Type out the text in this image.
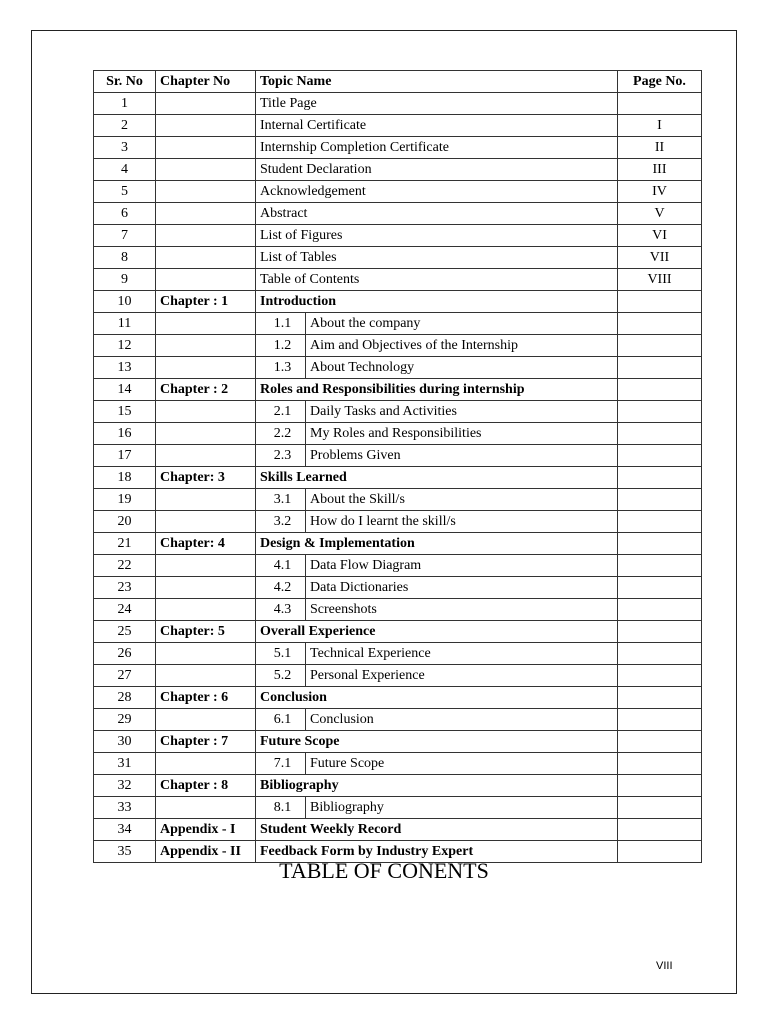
Sr. No	Chapter No	Topic Name	Page No.
1		Title Page	
2		Internal Certificate	I
3		Internship Completion Certificate	II
4		Student Declaration	III
5		Acknowledgement	IV
6		Abstract	V
7		List of Figures	VI
8		List of Tables	VII
9		Table of Contents	VIII
10	Chapter : 1	Introduction	
11		1.1 About the company	

12		1.2 Aim and Objectives of the Internship	

13		1.3 About Technology	

14	Chapter : 2	Roles and Responsibilities during internship	
15		2.1 Daily Tasks and Activities	

16		2.2 My Roles and Responsibilities	

17		2.3 Problems Given	

18	Chapter: 3	Skills Learned	
19		3.1 About the Skill/s	

20		3.2 How do I learnt the skill/s	

21	Chapter: 4	Design & Implementation	
22		4.1 Data Flow Diagram	

23		4.2 Data Dictionaries	

24		4.3 Screenshots	

25	Chapter: 5	Overall Experience	
26		5.1 Technical Experience	

27		5.2 Personal Experience	

28	Chapter : 6	Conclusion	
29		6.1 Conclusion	

30	Chapter : 7	Future Scope	
31		7.1 Future Scope	

32	Chapter : 8	Bibliography	
33		8.1 Bibliography	

34	Appendix - I	Student Weekly Record	
35	Appendix - II	Feedback Form by Industry Expert	
TABLE OF CONENTS
VIII
